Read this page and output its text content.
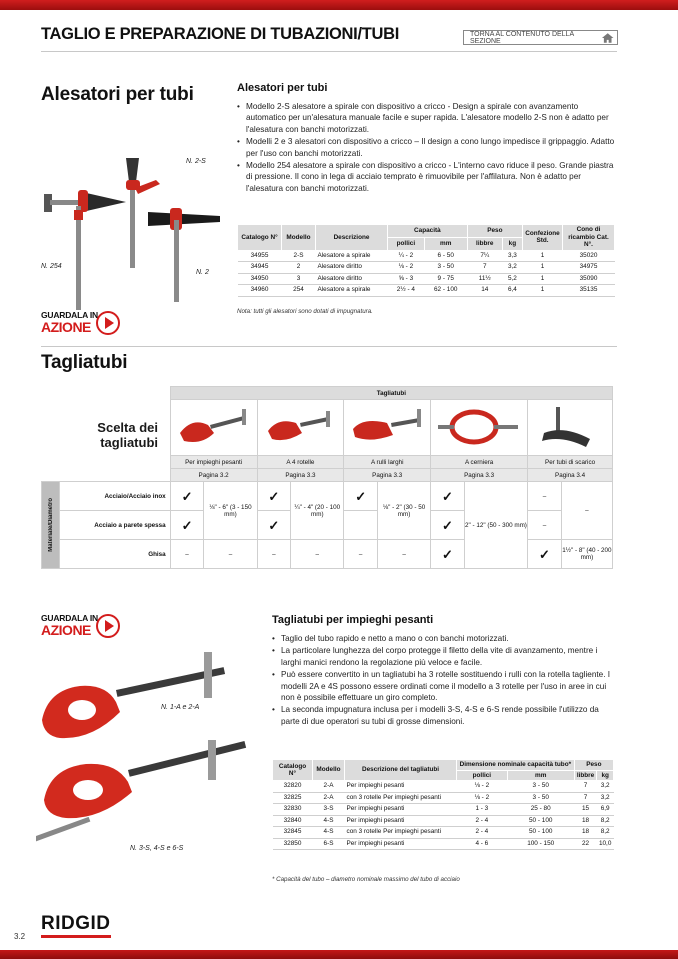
TAGLIO E PREPARAZIONE DI TUBAZIONI/TUBI	TORNA AL CONTENUTO DELLA SEZIONE
Alesatori per tubi	Alesatori per tubi
• Modello 2-S alesatore a spirale con dispositivo a cricco - Design a spirale con avanzamento automatico per un'alesatura manuale facile e super rapida. L'alesatore modello 2-S non è adatto per l'alesatura con banchi motorizzati.
• Modelli 2 e 3 alesatori con dispositivo a cricco – Il design a cono lungo impedisce il grippaggio. Adatto per l'uso con banchi motorizzati.
• Modello 254 alesatore a spirale con dispositivo a cricco - L'interno cavo riduce il peso. Grande piastra di pressione. Il cono in lega di acciaio temprato è rimuovibile per l'affilatura. Non è adatto per l'alesatura con banchi motorizzati.
N. 2-S
N. 254
N. 2
GUARDALA IN
AZIONE
Catalogo N°	Modello	Descrizione	Capacità		Peso		Confezione Std.	Cono di ricambio Cat. N°.
			pollici	mm	libbre	kg		
34955	2-S	Alesatore a spirale	¼ - 2	6 - 50	7¼	3,3	1	35020
34945	2	Alesatore diritto	⅛ - 2	3 - 50	7	3,2	1	34975
34950	3	Alesatore diritto	⅝ - 3	9 - 75	11½	5,2	1	35090
34960	254	Alesatore a spirale	2½ - 4	62 - 100	14	6,4	1	35135
Nota: tutti gli alesatori sono dotati di impugnatura.
Tagliatubi
Scelta dei tagliatubi
		Tagliatubi									

		Per impieghi pesanti		A 4 rotelle		A rulli larghi		A cerniera		Per tubi di scarico	
		Pagina 3.2		Pagina 3.3		Pagina 3.3		Pagina 3.3		Pagina 3.4	

Materiale/Diametro	Acciaio/Acciaio inox	✓	⅛" - 6" (3 - 150 mm)	✓	¼" - 4" (20 - 100 mm)	✓	⅛" - 2" (30 - 50 mm)	✓	2" - 12" (50 - 300 mm)	–	–
	Acciaio a parete spessa	✓		✓				✓		–	
	Ghisa	–	–	–	–	–	–	✓		✓	1½" - 8" (40 - 200 mm)
GUARDALA IN
AZIONE
N. 1-A e 2-A
N. 3-S, 4-S e 6-S
Tagliatubi per impieghi pesanti
• Taglio del tubo rapido e netto a mano o con banchi motorizzati.
• La particolare lunghezza del corpo protegge il filetto della vite di avanzamento, mentre i larghi manici rendono la regolazione più veloce e facile.
• Può essere convertito in un tagliatubi ha 3 rotelle sostituendo i rulli con la rotella tagliente. I modelli 2A e 4S possono essere ordinati come il modello a 3 rotelle per l'uso in aree in cui non è possibile effettuare un giro completo.
• La seconda impugnatura inclusa per i modelli 3-S, 4-S e 6-S rende possibile l'utilizzo da parte di due operatori su tubi di grosse dimensioni.
Catalogo N°	Modello	Descrizione del tagliatubi	Dimensione nominale capacità tubo*		Peso	
			pollici	mm	libbre	kg
32820	2-A	Per impieghi pesanti	⅛ - 2	3 - 50	7	3,2
32825	2-A	con 3 rotelle Per impieghi pesanti	⅛ - 2	3 - 50	7	3,2
32830	3-S	Per impieghi pesanti	1 - 3	25 - 80	15	6,9
32840	4-S	Per impieghi pesanti	2 - 4	50 - 100	18	8,2
32845	4-S	con 3 rotelle Per impieghi pesanti	2 - 4	50 - 100	18	8,2
32850	6-S	Per impieghi pesanti	4 - 6	100 - 150	22	10,0
* Capacità del tubo – diametro nominale massimo del tubo di acciaio
3.2
RIDGID
